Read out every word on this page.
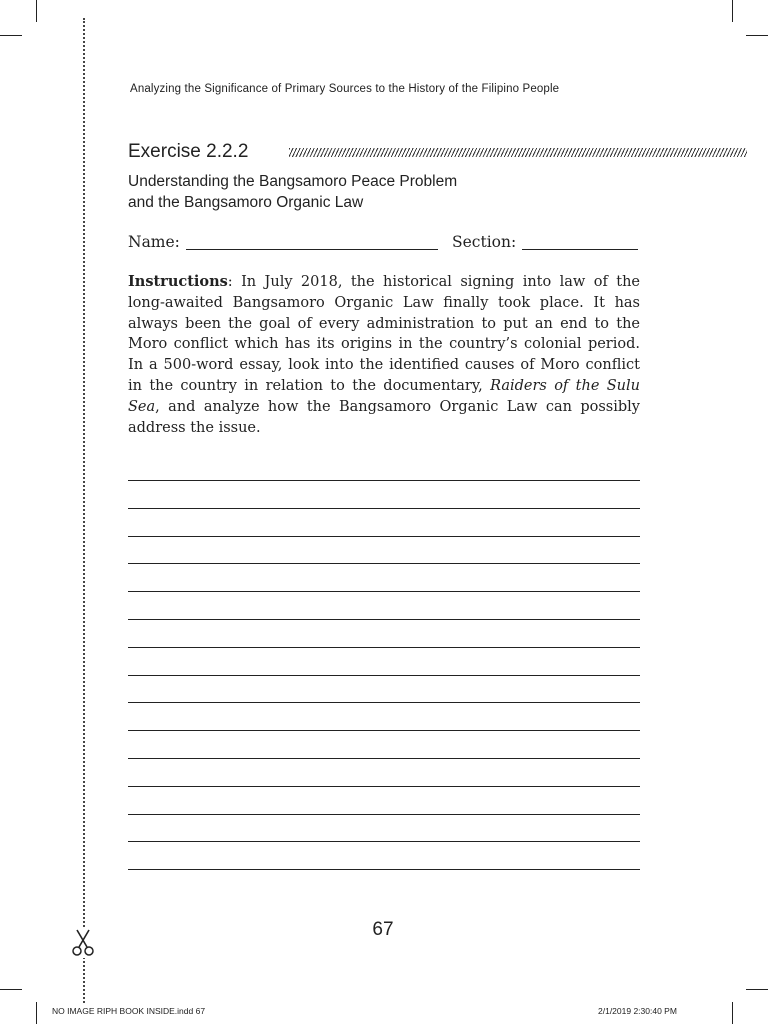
Analyzing the Significance of Primary Sources to the History of the Filipino People
Exercise 2.2.2
Understanding the Bangsamoro Peace Problem
and the Bangsamoro Organic Law
Name:	Section:

Instructions: In July 2018, the historical signing into law of the long-awaited Bangsamoro Organic Law finally took place. It has always been the goal of every administration to put an end to the Moro conflict which has its origins in the country’s colonial period. In a 500-word essay, look into the identified causes of Moro conflict in the country in relation to the documentary, Raiders of the Sulu Sea, and analyze how the Bangsamoro Organic Law can possibly address the issue.

67
NO IMAGE RIPH BOOK INSIDE.indd 67	2/1/2019 2:30:40 PM
